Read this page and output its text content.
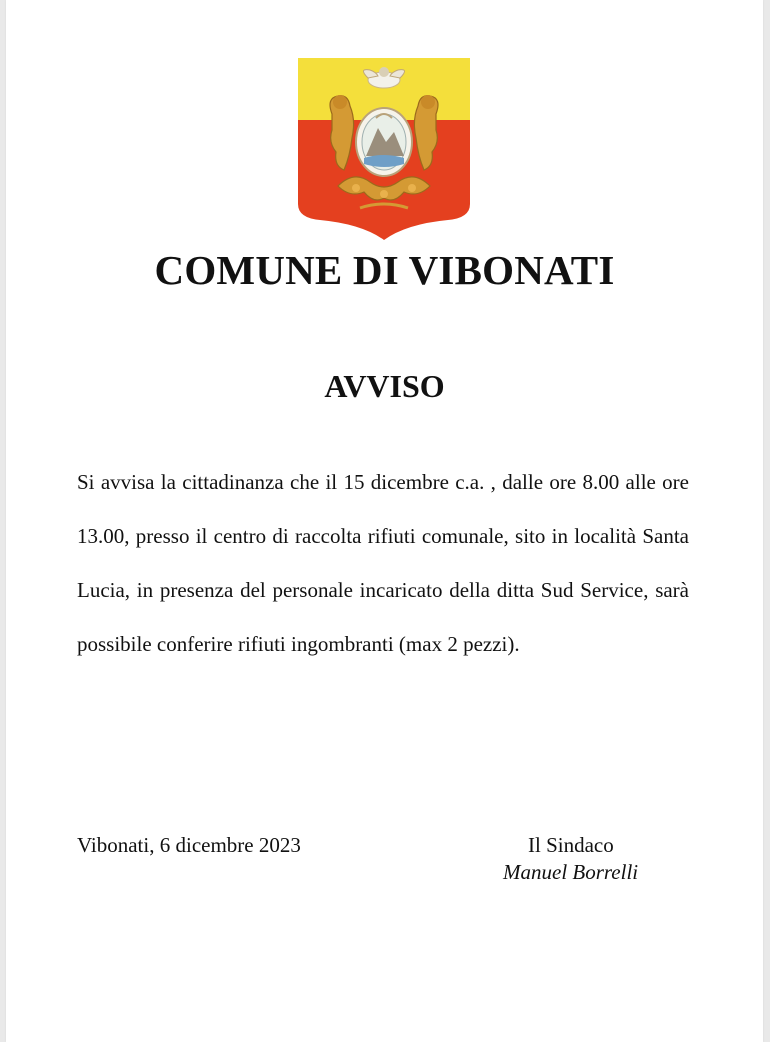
COMUNE DI VIBONATI
AVVISO

Si avvisa la cittadinanza che il 15 dicembre c.a. , dalle ore 8.00 alle ore 13.00, presso il centro di raccolta rifiuti comunale, sito in località Santa Lucia, in presenza del personale incaricato della ditta Sud Service, sarà possibile conferire rifiuti ingombranti (max 2 pezzi).

Vibonati, 6 dicembre 2023	Il Sindaco

Manuel Borrelli
